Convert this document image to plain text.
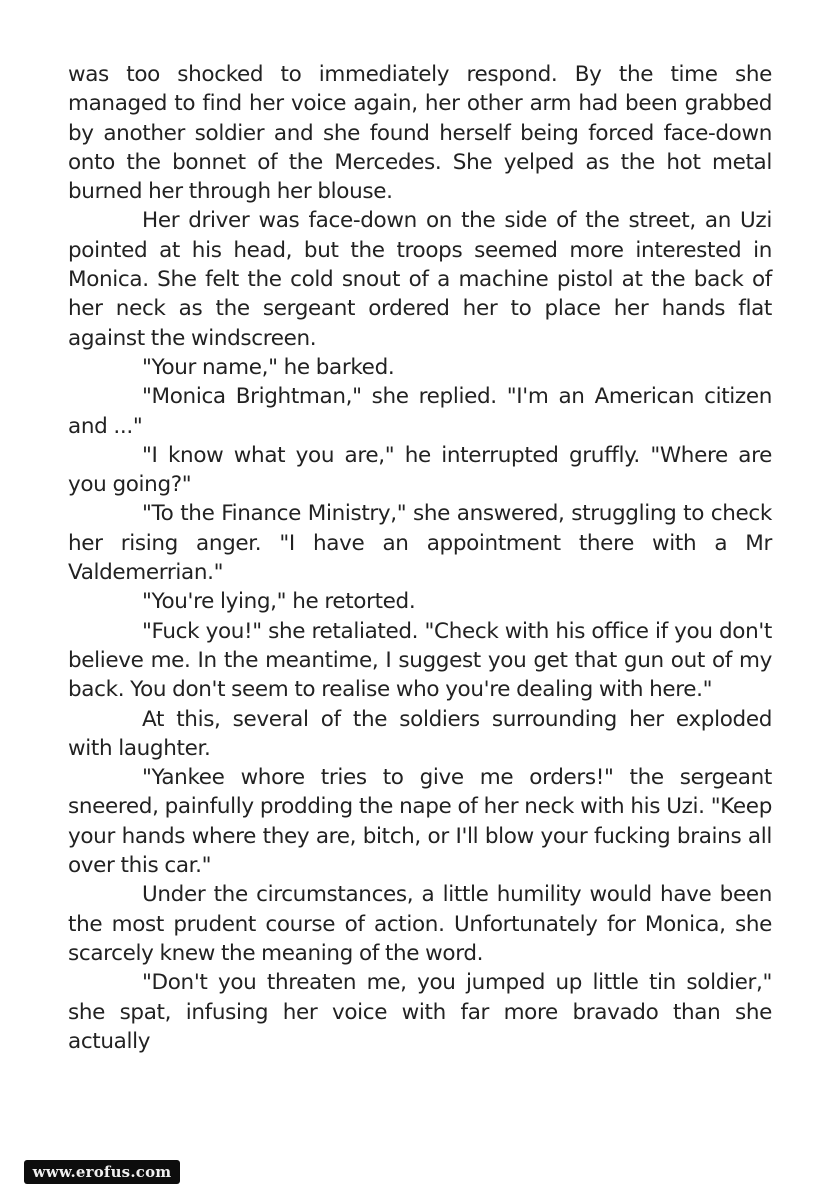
was too shocked to immediately respond. By the time she managed to find her voice again, her other arm had been grabbed by another soldier and she found herself being forced face-down onto the bonnet of the Mercedes. She yelped as the hot metal burned her through her blouse.

Her driver was face-down on the side of the street, an Uzi pointed at his head, but the troops seemed more interested in Monica. She felt the cold snout of a machine pistol at the back of her neck as the sergeant ordered her to place her hands flat against the windscreen.

"Your name," he barked.

"Monica Brightman," she replied. "I'm an American citizen and ..."

"I know what you are," he interrupted gruffly. "Where are you going?"

"To the Finance Ministry," she answered, struggling to check her rising anger. "I have an appointment there with a Mr Valdemerrian."

"You're lying," he retorted.

"Fuck you!" she retaliated. "Check with his office if you don't believe me. In the meantime, I suggest you get that gun out of my back. You don't seem to realise who you're dealing with here."

At this, several of the soldiers surrounding her exploded with laughter.

"Yankee whore tries to give me orders!" the sergeant sneered, painfully prodding the nape of her neck with his Uzi. "Keep your hands where they are, bitch, or I'll blow your fucking brains all over this car."

Under the circumstances, a little humility would have been the most prudent course of action. Unfortunately for Monica, she scarcely knew the meaning of the word.

"Don't you threaten me, you jumped up little tin soldier," she spat, infusing her voice with far more bravado than she actually

www.erofus.com
